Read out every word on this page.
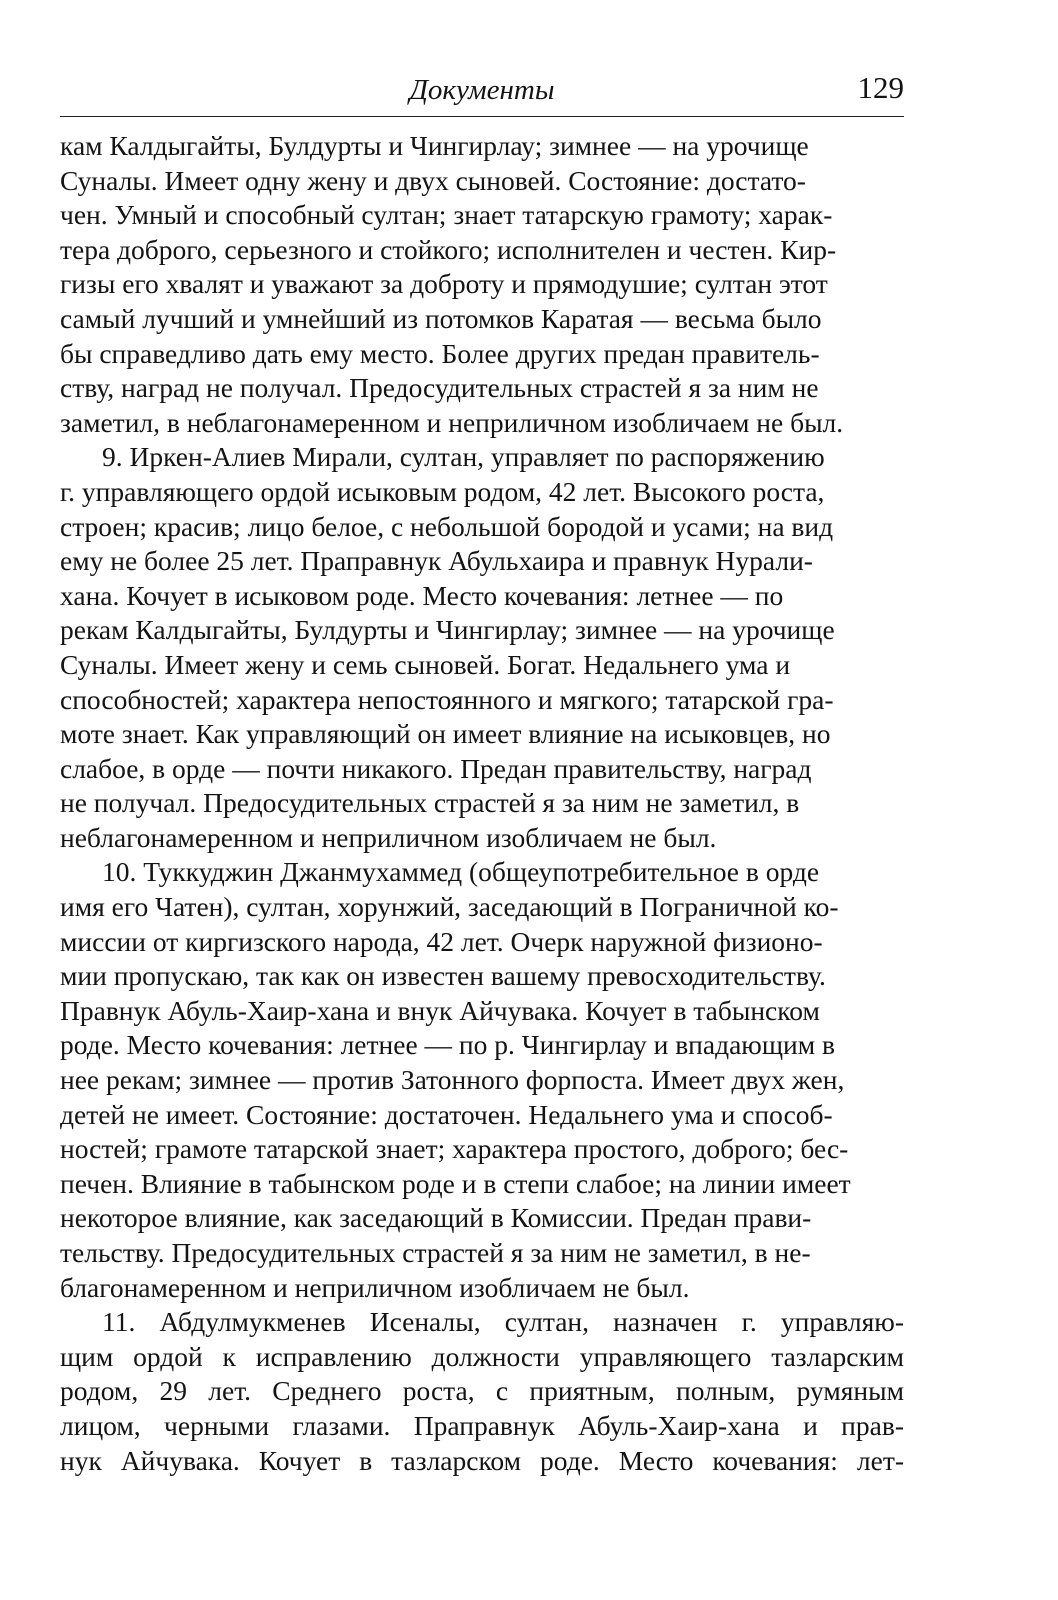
Документы	129

кам Калдыгайты, Булдурты и Чингирлау; зимнее — на урочище
Суналы. Имеет одну жену и двух сыновей. Состояние: достато-
чен. Умный и способный султан; знает татарскую грамоту; харак-
тера доброго, серьезного и стойкого; исполнителен и честен. Кир-
гизы его хвалят и уважают за доброту и прямодушие; султан этот
самый лучший и умнейший из потомков Каратая — весьма было
бы справедливо дать ему место. Более других предан правитель-
ству, наград не получал. Предосудительных страстей я за ним не
заметил, в неблагонамеренном и неприличном изобличаем не был.

9. Иркен-Алиев Мирали, султан, управляет по распоряжению
г. управляющего ордой исыковым родом, 42 лет. Высокого роста,
строен; красив; лицо белое, с небольшой бородой и усами; на вид
ему не более 25 лет. Праправнук Абульхаира и правнук Нурали-
хана. Кочует в исыковом роде. Место кочевания: летнее — по
рекам Калдыгайты, Булдурты и Чингирлау; зимнее — на урочище
Суналы. Имеет жену и семь сыновей. Богат. Недальнего ума и
способностей; характера непостоянного и мягкого; татарской гра-
моте знает. Как управляющий он имеет влияние на исыковцев, но
слабое, в орде — почти никакого. Предан правительству, наград
не получал. Предосудительных страстей я за ним не заметил, в
неблагонамеренном и неприличном изобличаем не был.

10. Туккуджин Джанмухаммед (общеупотребительное в орде
имя его Чатен), султан, хорунжий, заседающий в Пограничной ко-
миссии от киргизского народа, 42 лет. Очерк наружной физионо-
мии пропускаю, так как он известен вашему превосходительству.
Правнук Абуль-Хаир-хана и внук Айчувака. Кочует в табынском
роде. Место кочевания: летнее — по р. Чингирлау и впадающим в
нее рекам; зимнее — против Затонного форпоста. Имеет двух жен,
детей не имеет. Состояние: достаточен. Недальнего ума и способ-
ностей; грамоте татарской знает; характера простого, доброго; бес-
печен. Влияние в табынском роде и в степи слабое; на линии имеет
некоторое влияние, как заседающий в Комиссии. Предан прави-
тельству. Предосудительных страстей я за ним не заметил, в не-
благонамеренном и неприличном изобличаем не был.

11. Абдулмукменев Исеналы, султан, назначен г. управляю-
щим ордой к исправлению должности управляющего тазларским
родом, 29 лет. Среднего роста, с приятным, полным, румяным
лицом, черными глазами. Праправнук Абуль-Хаир-хана и прав-
нук Айчувака. Кочует в тазларском роде. Место кочевания: лет-
